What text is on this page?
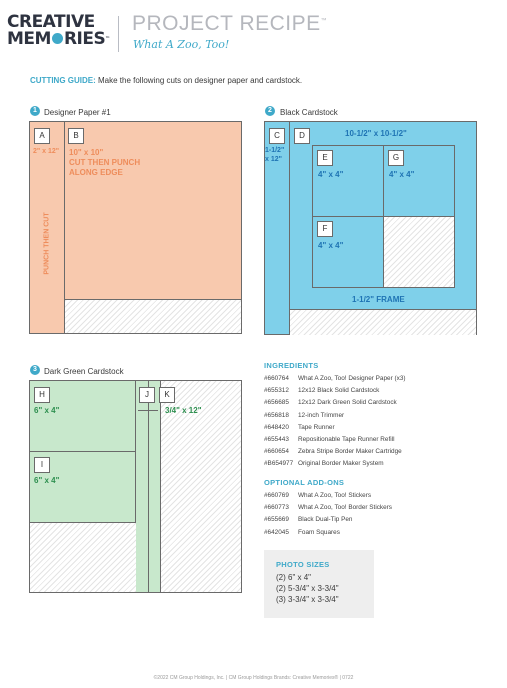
CREATIVE
MEM RIES™
PROJECT RECIPE™
What A Zoo, Too!
CUTTING GUIDE: Make the following cuts on designer paper and cardstock.
1 Designer Paper #1
A	B
2" x 12" 10" x 10"
CUT THEN PUNCH
ALONG EDGE
PUNCH THEN CUT
2	Black Cardstock
C	D
1-1/2"
x 12"
10-1/2" x 10-1/2"
E
4" x 4"
G
4" x 4"
F
4" x 4"
1-1/2" FRAME
3 Dark Green Cardstock
H
6" x 4"
I
6" x 4"
J	K
3/4" x 12"
INGREDIENTS
#660764 What A Zoo, Too! Designer Paper (x3)
#655312 12x12 Black Solid Cardstock
#656685 12x12 Dark Green Solid Cardstock
#656818 12-inch Trimmer
#648420 Tape Runner
#655443 Repositionable Tape Runner Refill
#660654 Zebra Stripe Border Maker Cartridge
#B654977 Original Border Maker System
OPTIONAL ADD-ONS
#660769 What A Zoo, Too! Stickers
#660773 What A Zoo, Too! Border Stickers
#655669 Black Dual-Tip Pen
#642045 Foam Squares
PHOTO SIZES
(2) 6" x 4"
(2) 5-3/4" x 3-3/4"
(3) 3-3/4" x 3-3/4"
©2022 CM Group Holdings, Inc. | CM Group Holdings Brands: Creative Memories® | 0722
